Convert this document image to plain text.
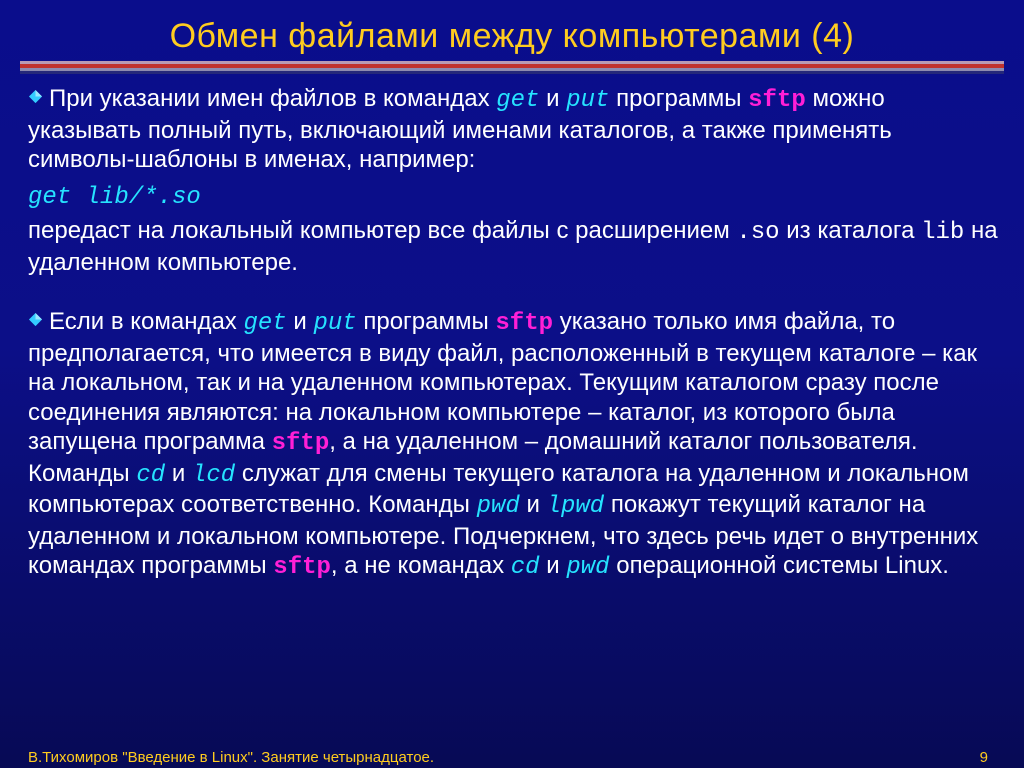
Обмен файлами между компьютерами (4)

При указании имен файлов в командах get и put программы sftp можно указывать полный путь, включающий именами каталогов, а также применять символы-шаблоны в именах, например:

get lib/*.so

передаст на локальный компьютер все файлы с расширением .so из каталога lib на удаленном компьютере.

Если в командах get и put программы sftp указано только имя файла, то предполагается, что имеется в виду файл, расположенный в текущем каталоге – как на локальном, так и на удаленном компьютерах. Текущим каталогом сразу после соединения являются: на локальном компьютере – каталог, из которого была запущена программа sftp, а на удаленном – домашний каталог пользователя. Команды cd и lcd служат для смены текущего каталога на удаленном и локальном компьютерах соответственно. Команды pwd и lpwd покажут текущий каталог на удаленном и локальном компьютере. Подчеркнем, что здесь речь идет о внутренних командах программы sftp, а не командах cd и pwd операционной системы Linux.

В.Тихомиров "Введение в Linux". Занятие четырнадцатое.	9
